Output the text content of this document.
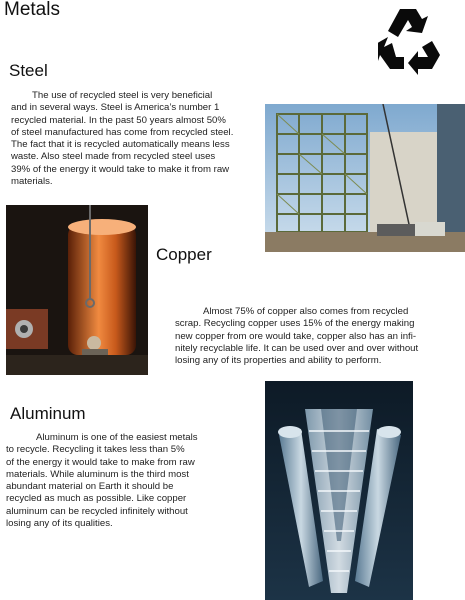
Metals
Steel

The use of recycled steel is very beneficial

and in several ways. Steel is America’s number 1

recycled material. In the past 50 years almost 50%

of steel manufactured has come from recycled steel.

The fact that it is recycled automatically means less

waste. Also steel made from recycled steel uses

39% of the energy it would take to make it from raw

materials.

Copper

Almost 75% of copper also comes from recycled

scrap. Recycling copper uses 15% of the energy making

new copper from ore would take, copper also has an infi-

nitely recyclable life. It can be used over and over without

losing any of its properties and ability to perform.

Aluminum

Aluminum is one of the easiest metals

to recycle. Recycling it takes less than 5%

of the energy it would take to make from raw

materials. While aluminum is the third most

abundant material on Earth it should be

recycled as much as possible. Like copper

aluminum can be recycled infinitely without

losing any of its qualities.
